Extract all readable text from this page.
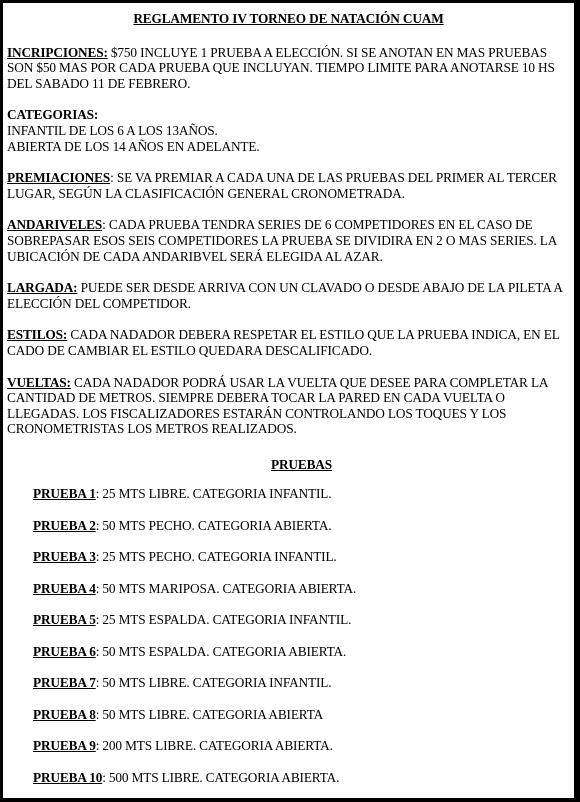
REGLAMENTO IV TORNEO DE NATACIÓN CUAM
INCRIPCIONES: $750 INCLUYE 1 PRUEBA A ELECCIÓN. SI SE ANOTAN EN MAS PRUEBAS SON $50 MAS POR CADA PRUEBA QUE INCLUYAN. TIEMPO LIMITE PARA ANOTARSE 10 HS DEL SABADO 11 DE FEBRERO.
CATEGORIAS:
INFANTIL DE LOS 6 A LOS 13AÑOS.
ABIERTA DE LOS 14 AÑOS EN ADELANTE.
PREMIACIONES: SE VA PREMIAR A CADA UNA DE LAS PRUEBAS DEL PRIMER AL TERCER LUGAR, SEGÚN LA CLASIFICACIÓN GENERAL CRONOMETRADA.
ANDARIVELES: CADA PRUEBA TENDRA SERIES DE 6 COMPETIDORES EN EL CASO DE SOBREPASAR ESOS SEIS COMPETIDORES LA PRUEBA SE DIVIDIRA EN 2 O MAS SERIES. LA UBICACIÓN DE CADA ANDARIBVEL SERÁ ELEGIDA AL AZAR.
LARGADA: PUEDE SER DESDE ARRIVA CON UN CLAVADO O DESDE ABAJO DE LA PILETA A ELECCIÓN DEL COMPETIDOR.
ESTILOS: CADA NADADOR DEBERA RESPETAR EL ESTILO QUE LA PRUEBA INDICA, EN EL CADO DE CAMBIAR EL ESTILO QUEDARA DESCALIFICADO.
VUELTAS: CADA NADADOR PODRÁ USAR LA VUELTA QUE DESEE PARA COMPLETAR LA CANTIDAD DE METROS. SIEMPRE DEBERA TOCAR LA PARED EN CADA VUELTA O LLEGADAS. LOS FISCALIZADORES ESTARÁN CONTROLANDO LOS TOQUES Y LOS CRONOMETRISTAS LOS METROS REALIZADOS.
PRUEBAS
PRUEBA 1: 25 MTS LIBRE. CATEGORIA INFANTIL.
PRUEBA 2: 50 MTS PECHO. CATEGORIA ABIERTA.
PRUEBA 3: 25 MTS PECHO. CATEGORIA INFANTIL.
PRUEBA 4: 50 MTS MARIPOSA. CATEGORIA ABIERTA.
PRUEBA 5: 25 MTS ESPALDA. CATEGORIA INFANTIL.
PRUEBA 6: 50 MTS ESPALDA. CATEGORIA ABIERTA.
PRUEBA 7: 50 MTS LIBRE. CATEGORIA INFANTIL.
PRUEBA 8: 50 MTS LIBRE. CATEGORIA ABIERTA
PRUEBA 9: 200 MTS LIBRE. CATEGORIA ABIERTA.
PRUEBA 10: 500 MTS LIBRE. CATEGORIA ABIERTA.
